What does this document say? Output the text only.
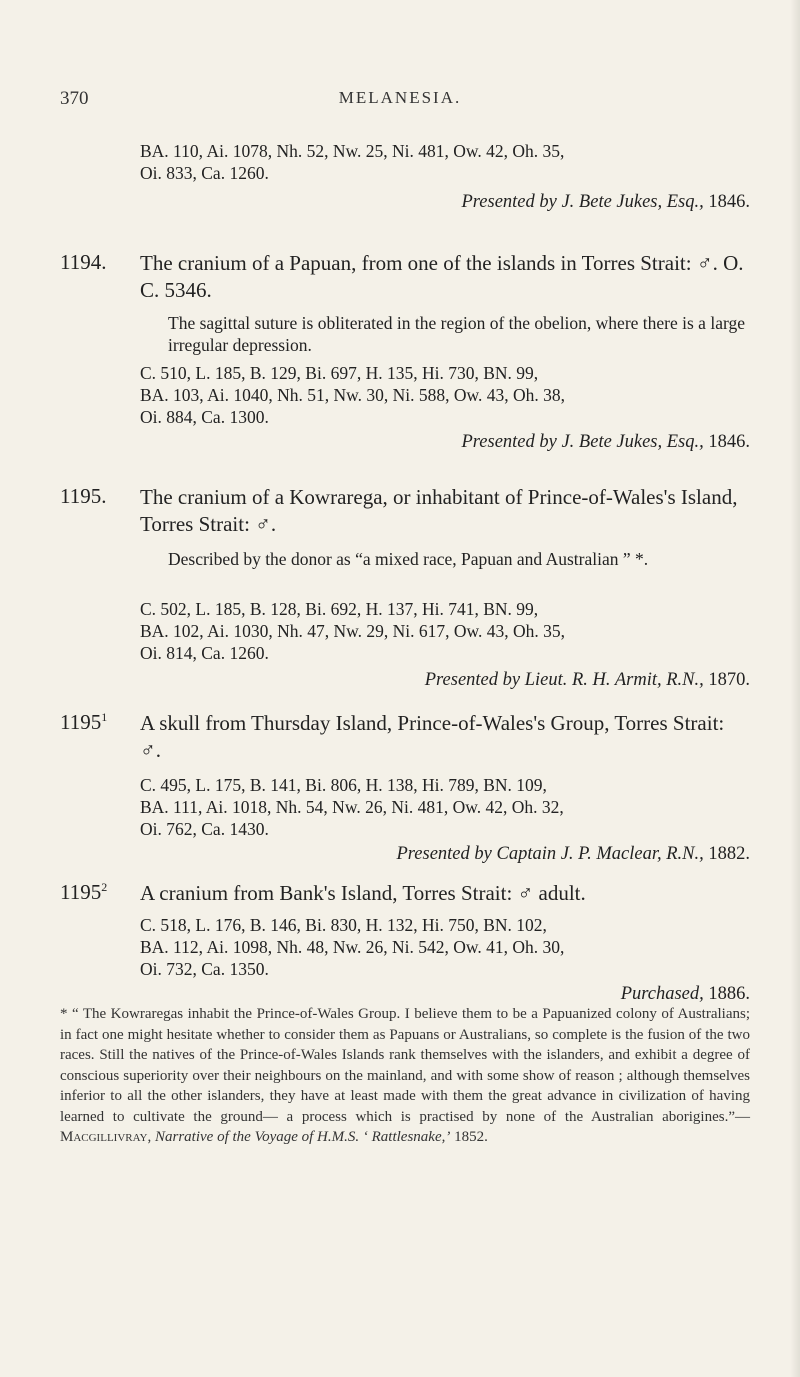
370	MELANESIA.
BA. 110, Ai. 1078, Nh. 52, Nw. 25, Ni. 481, Ow. 42, Oh. 35,
Oi. 833, Ca. 1260.
Presented by J. Bete Jukes, Esq., 1846.
1194. The cranium of a Papuan, from one of the islands in Torres Strait: ♂. O. C. 5346.
The sagittal suture is obliterated in the region of the obelion, where there is a large irregular depression.
C. 510, L. 185, B. 129, Bi. 697, H. 135, Hi. 730, BN. 99,
BA. 103, Ai. 1040, Nh. 51, Nw. 30, Ni. 588, Ow. 43, Oh. 38,
Oi. 884, Ca. 1300.
Presented by J. Bete Jukes, Esq., 1846.
1195. The cranium of a Kowrarega, or inhabitant of Prince-of-Wales's Island, Torres Strait: ♂.
Described by the donor as “a mixed race, Papuan and Australian ” *.
C. 502, L. 185, B. 128, Bi. 692, H. 137, Hi. 741, BN. 99,
BA. 102, Ai. 1030, Nh. 47, Nw. 29, Ni. 617, Ow. 43, Oh. 35,
Oi. 814, Ca. 1260.
Presented by Lieut. R. H. Armit, R.N., 1870.
1195$^1$ A skull from Thursday Island, Prince-of-Wales's Group, Torres Strait: ♂.
C. 495, L. 175, B. 141, Bi. 806, H. 138, Hi. 789, BN. 109,
BA. 111, Ai. 1018, Nh. 54, Nw. 26, Ni. 481, Ow. 42, Oh. 32,
Oi. 762, Ca. 1430.
Presented by Captain J. P. Maclear, R.N., 1882.
1195$^2$ A cranium from Bank's Island, Torres Strait: ♂ adult.
C. 518, L. 176, B. 146, Bi. 830, H. 132, Hi. 750, BN. 102,
BA. 112, Ai. 1098, Nh. 48, Nw. 26, Ni. 542, Ow. 41, Oh. 30,
Oi. 732, Ca. 1350.
Purchased, 1886.
* “ The Kowraregas inhabit the Prince-of-Wales Group. I believe them to be a Papuanized colony of Australians; in fact one might hesitate whether to consider them as Papuans or Australians, so complete is the fusion of the two races. Still the natives of the Prince-of-Wales Islands rank themselves with the islanders, and exhibit a degree of conscious superiority over their neighbours on the mainland, and with some show of reason ; although themselves inferior to all the other islanders, they have at least made with them the great advance in civilization of having learned to cultivate the ground— a process which is practised by none of the Australian aborigines.”— Macgillivray, Narrative of the Voyage of H.M.S. ‘ Rattlesnake,’ 1852.
